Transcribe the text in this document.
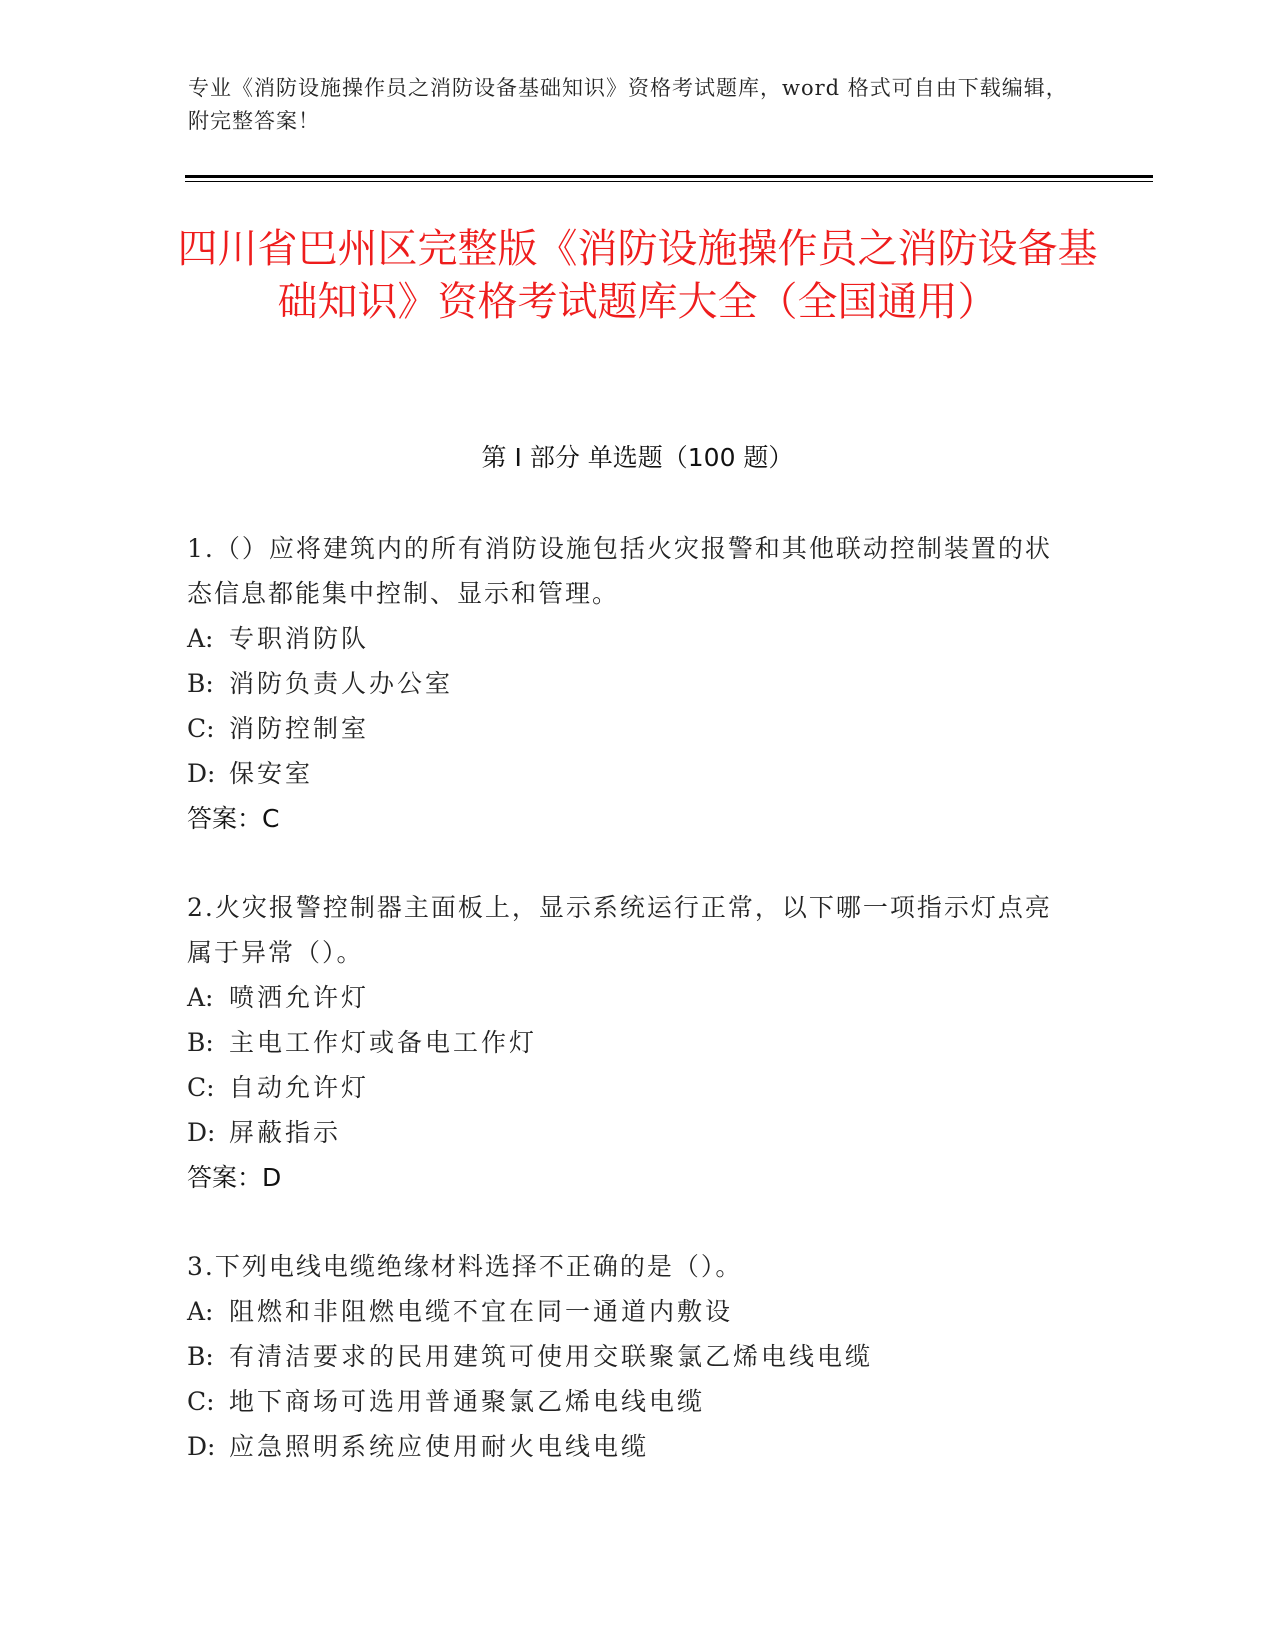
专业《消防设施操作员之消防设备基础知识》资格考试题库，word 格式可自由下载编辑，附完整答案！
四川省巴州区完整版《消防设施操作员之消防设备基础知识》资格考试题库大全（全国通用）
第 I 部分 单选题（100 题）
1.（）应将建筑内的所有消防设施包括火灾报警和其他联动控制装置的状态信息都能集中控制、显示和管理。
A: 专职消防队
B: 消防负责人办公室
C: 消防控制室
D: 保安室
答案：C
2.火灾报警控制器主面板上，显示系统运行正常，以下哪一项指示灯点亮属于异常（）。
A: 喷洒允许灯
B: 主电工作灯或备电工作灯
C: 自动允许灯
D: 屏蔽指示
答案：D
3.下列电线电缆绝缘材料选择不正确的是（）。
A: 阻燃和非阻燃电缆不宜在同一通道内敷设
B: 有清洁要求的民用建筑可使用交联聚氯乙烯电线电缆
C: 地下商场可选用普通聚氯乙烯电线电缆
D: 应急照明系统应使用耐火电线电缆
